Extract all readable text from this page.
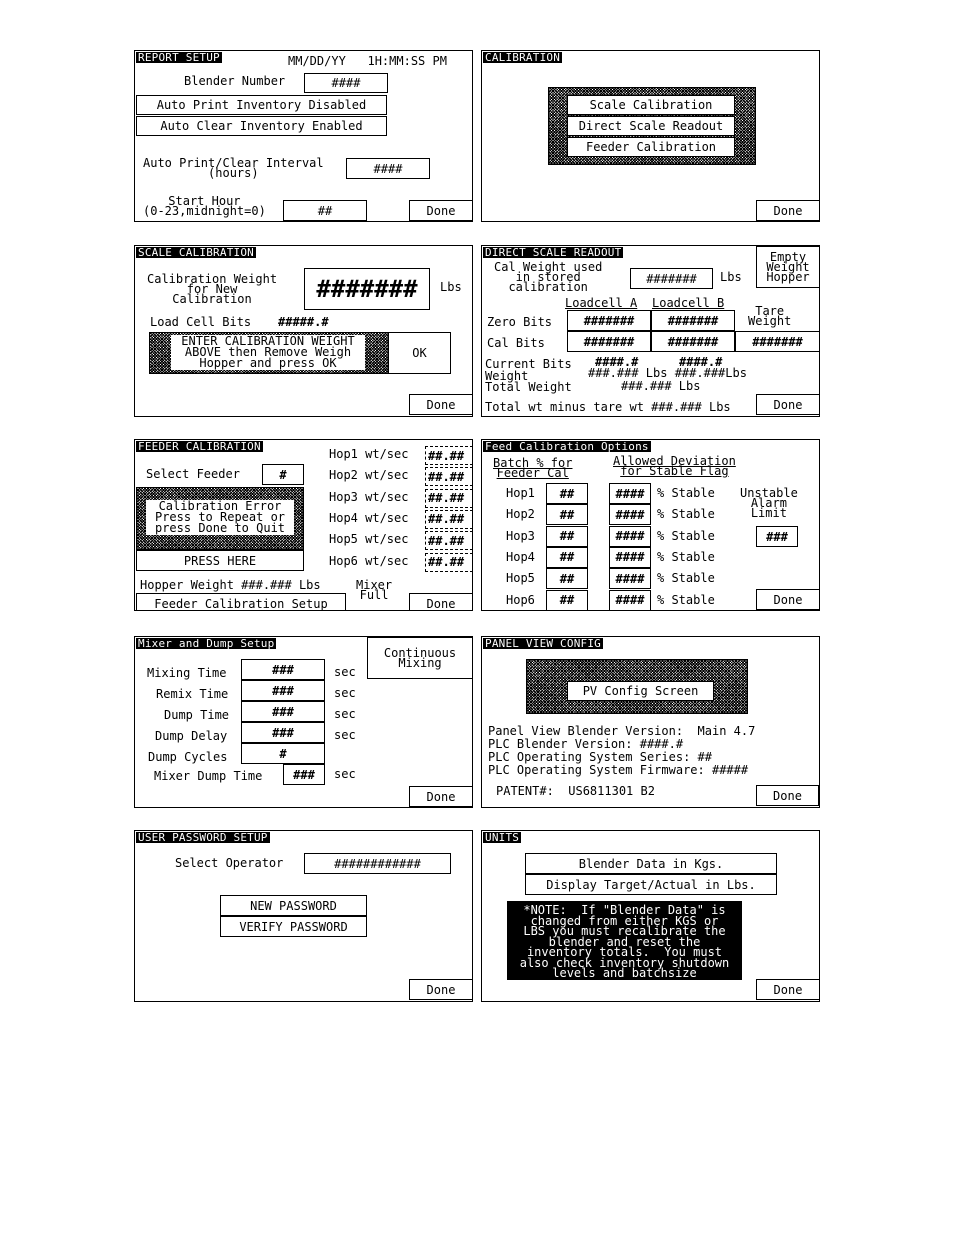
REPORT SETUP	MM/DD/YY   1H:MM:SS PM
Blender Number	####
Auto Print Inventory Disabled
Auto Clear Inventory Enabled
Auto Print/Clear Interval
(hours)	####
Start Hour
(0-23,midnight=0)	##	Done
CALIBRATION
Scale Calibration
Direct Scale Readout
Feeder Calibration
Done
SCALE CALIBRATION
Calibration Weight
for New
Calibration	#######	Lbs
Load Cell Bits #####.#
ENTER CALIBRATION WEIGHT
ABOVE then Remove Weigh
Hopper and press OK
OK
Done
DIRECT SCALE READOUT
Cal Weight used
in stored
calibration
#######	Lbs
Empty
Weight
Hopper
Loadcell A Loadcell B
Tare
Weight
Zero Bits	#######	#######
Cal Bits	#######	#######	#######
Current Bits ####.#	####.#
Weight	###.### Lbs ###.###Lbs
Total Weight	###.### Lbs
Total wt minus tare wt ###.### Lbs	Done
FEEDER CALIBRATION
Select Feeder	#
Calibration Error
Press to Repeat or
press Done to Quit
PRESS HERE
Hop1 wt/sec ##.##
Hop2 wt/sec ##.##
Hop3 wt/sec ##.##
Hop4 wt/sec ##.##
Hop5 wt/sec ##.##
Hop6 wt/sec ##.##
Hopper Weight ###.### Lbs	Mixer
Full
Feeder Calibration Setup	Done
Feed Calibration Options
Batch % for
Feeder Cal
Allowed Deviation
for Stable Flag
Hop1	##	####	% Stable
Hop2	##	####	% Stable
Hop3	##	####	% Stable
Hop4	##	####	% Stable
Hop5	##	####	% Stable
Hop6	##	####	% Stable
Unstable
Alarm
Limit
###
Done
Mixer and Dump Setup
Continuous
Mixing
Mixing Time	###	sec
Remix Time	###	sec
Dump Time	###	sec
Dump Delay	###	sec
Dump Cycles	#
Mixer Dump Time	###	sec
Done
PANEL VIEW CONFIG
PV Config Screen
Panel View Blender Version:  Main 4.7
PLC Blender Version: ####.#
PLC Operating System Series: ##
PLC Operating System Firmware: #####
PATENT#:  US6811301 B2	Done
USER PASSWORD SETUP
Select Operator	############
NEW PASSWORD
VERIFY PASSWORD
Done
UNITS
Blender Data in Kgs.
Display Target/Actual in Lbs.
*NOTE:  If "Blender Data" is
changed from either KGS or
LBS you must recalibrate the
blender and reset the
inventory totals.  You must
also check inventory shutdown
levels and batchsize
Done
